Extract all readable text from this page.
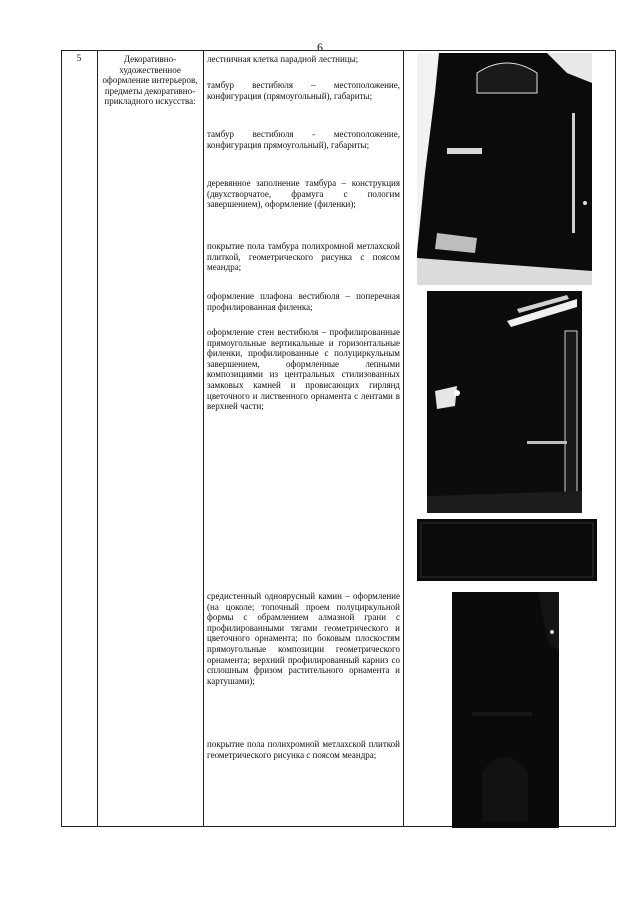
6
5	Декоративно-художественное оформление интерьеров, предметы декоративно-прикладного искусства:

лестничная клетка парадной лестницы;

тамбур вестибюля – местоположение, конфигурация (прямоугольный), габариты;

тамбур вестибюля - местоположение, конфигурация прямоугольный), габариты;

деревянное заполнение тамбура – конструкция (двухстворчатое, фрамуга с пологим завершением), оформление (филенки);

покрытие пола тамбура полихромной метлахской плиткой, геометрического рисунка с поясом меандра;

оформление плафона вестибюля – поперечная профилированная филенка;

оформление стен вестибюля – профилированные прямоугольные вертикальные и горизонтальные филенки, профилированные с полуциркульным завершением, оформленные лепными композициями из центральных стилизованных замковых камней и провисающих гирлянд цветочного и лиственного орнамента с лентами в верхней части;

средистенный одноярусный камин – оформление (на цоколе; топочный проем полуциркульной формы с обрамлением алмазной грани с профилированными тягами геометрического и цветочного орнамента; по боковым плоскостям прямоугольные композиции геометрического орнамента; верхний профилированный карниз со сплошным фризом растительного орнамента и картушами);

покрытие пола полихромной метлахской плиткой геометрического рисунка с поясом меандра;
